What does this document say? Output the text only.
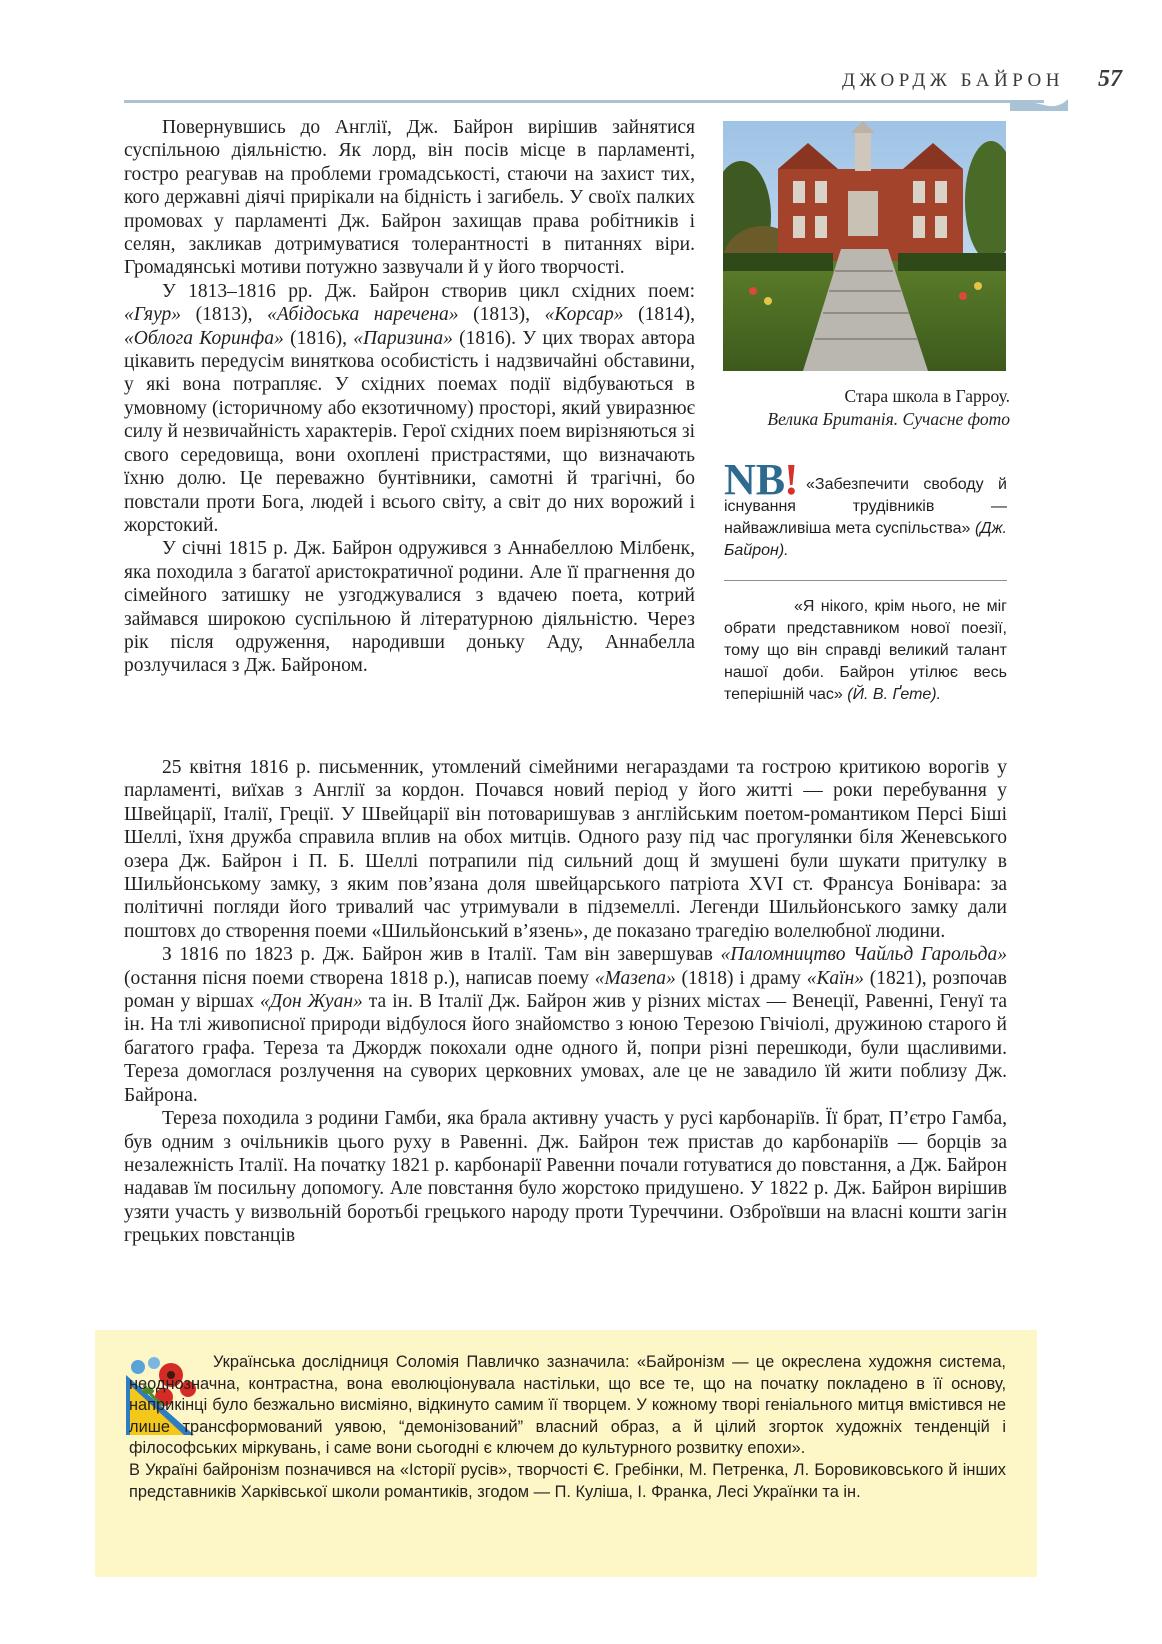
ДЖОРДЖ БАЙРОН 57

Повернувшись до Англії, Дж. Байрон вирішив зайнятися суспільною діяльністю. Як лорд, він посів місце в парламенті, гостро реагував на проблеми громадськості, стаючи на захист тих, кого державні діячі прирікали на бідність і загибель. У своїх палких промовах у парламенті Дж. Байрон захищав права робітників і селян, закликав дотримуватися толерантності в питаннях віри. Громадянські мотиви потужно зазвучали й у його творчості.

У 1813–1816 рр. Дж. Байрон створив цикл східних поем: «Гяур» (1813), «Абідоська наречена» (1813), «Корсар» (1814), «Облога Коринфа» (1816), «Паризина» (1816). У цих творах автора цікавить передусім винятковa особистість і надзвичайні обставини, у які вона потрапляє. У східних поемах події відбуваються в умовному (історичному або екзотичному) просторі, який увиразнює силу й незвичайність характерів. Герої східних поем вирізняються зі свого середовища, вони охоплені пристрастями, що визначають їхню долю. Це переважно бунтівники, самотні й трагічні, бо повстали проти Бога, людей і всього світу, а світ до них ворожий і жорстокий.

У січні 1815 р. Дж. Байрон одружився з Аннабеллою Мілбенк, яка походила з багатої аристократичної родини. Але її прагнення до сімейного затишку не узгоджувалися з вдачею поета, котрий займався широкою суспільною й літературною діяльністю. Через рік після одруження, народивши доньку Аду, Аннабелла розлучилася з Дж. Байроном.

25 квітня 1816 р. письменник, утомлений сімейними негараздами та гострою критикою ворогів у парламенті, виїхав з Англії за кордон. Почався новий період у його житті — роки перебування у Швейцарії, Італії, Греції. У Швейцарії він потоваришував з англійським поетом-романтиком Персі Біші Шеллі, їхня дружба справила вплив на обох митців. Одного разу під час прогулянки біля Женевського озера Дж. Байрон і П. Б. Шеллі потрапили під сильний дощ й змушені були шукати притулку в Шильйонському замку, з яким пов’язана доля швейцарського патріота XVI ст. Франсуа Бонівара: за політичні погляди його тривалий час утримували в підземеллі. Легенди Шильйонського замку дали поштовх до створення поеми «Шильйонський в’язень», де показано трагедію волелюбної людини.

З 1816 по 1823 р. Дж. Байрон жив в Італії. Там він завершував «Паломництво Чайльд Гарольда» (остання пісня поеми створена 1818 р.), написав поему «Мазепа» (1818) і драму «Каїн» (1821), розпочав роман у віршах «Дон Жуан» та ін. В Італії Дж. Байрон жив у різних містах — Венеції, Равенні, Генуї та ін. На тлі живописної природи відбулося його знайомство з юною Терезою Гвічіолі, дружиною старого й багатого графа. Тереза та Джордж покохали одне одного й, попри різні перешкоди, були щасливими. Тереза домоглася розлучення на суворих церковних умовах, але це не завадило їй жити поблизу Дж. Байрона.

Тереза походила з родини Гамби, яка брала активну участь у русі карбонаріїв. Її брат, П’єтро Гамба, був одним з очільників цього руху в Равенні. Дж. Байрон теж пристав до карбонаріїв — борців за незалежність Італії. На початку 1821 р. карбонарії Равенни почали готуватися до повстання, а Дж. Байрон надавав їм посильну допомогу. Але повстання було жорстоко придушено. У 1822 р. Дж. Байрон вирішив узяти участь у визвольній боротьбі грецького народу проти Туреччини. Озброївши на власні кошти загін грецьких повстанців

Стара школа в Гарроу.
Велика Британія. Сучасне фото
NB
! «Забезпечити свободу й існування трудівників — найважливіша мета суспільства» (Дж. Байрон).
«Я нікого, крім нього, не міг обрати представником нової поезії, тому що він справді великий талант нашої доби. Байрон утілює весь теперішній час» (Й. В. Ґете).

Українська дослідниця Соломія Павличко зазначила: «Байронізм — це окреслена художня система, неоднозначна, контрастна, вона еволюціонувала настільки, що все те, що на початку покладено в її основу, наприкінці було безжально висміяно, відкинуто самим її творцем. У кожному творі геніального митця вмістився не лише трансформований уявою, “демонізований” власний образ, а й цілий згорток художніх тенденцій і філософських міркувань, і саме вони сьогодні є ключем до культурного розвитку епохи».

В Україні байронізм позначився на «Історії русів», творчості Є. Гребінки, М. Петренка, Л. Боровиковського й інших представників Харківської школи романтиків, згодом — П. Куліша, І. Франка, Лесі Українки та ін.
